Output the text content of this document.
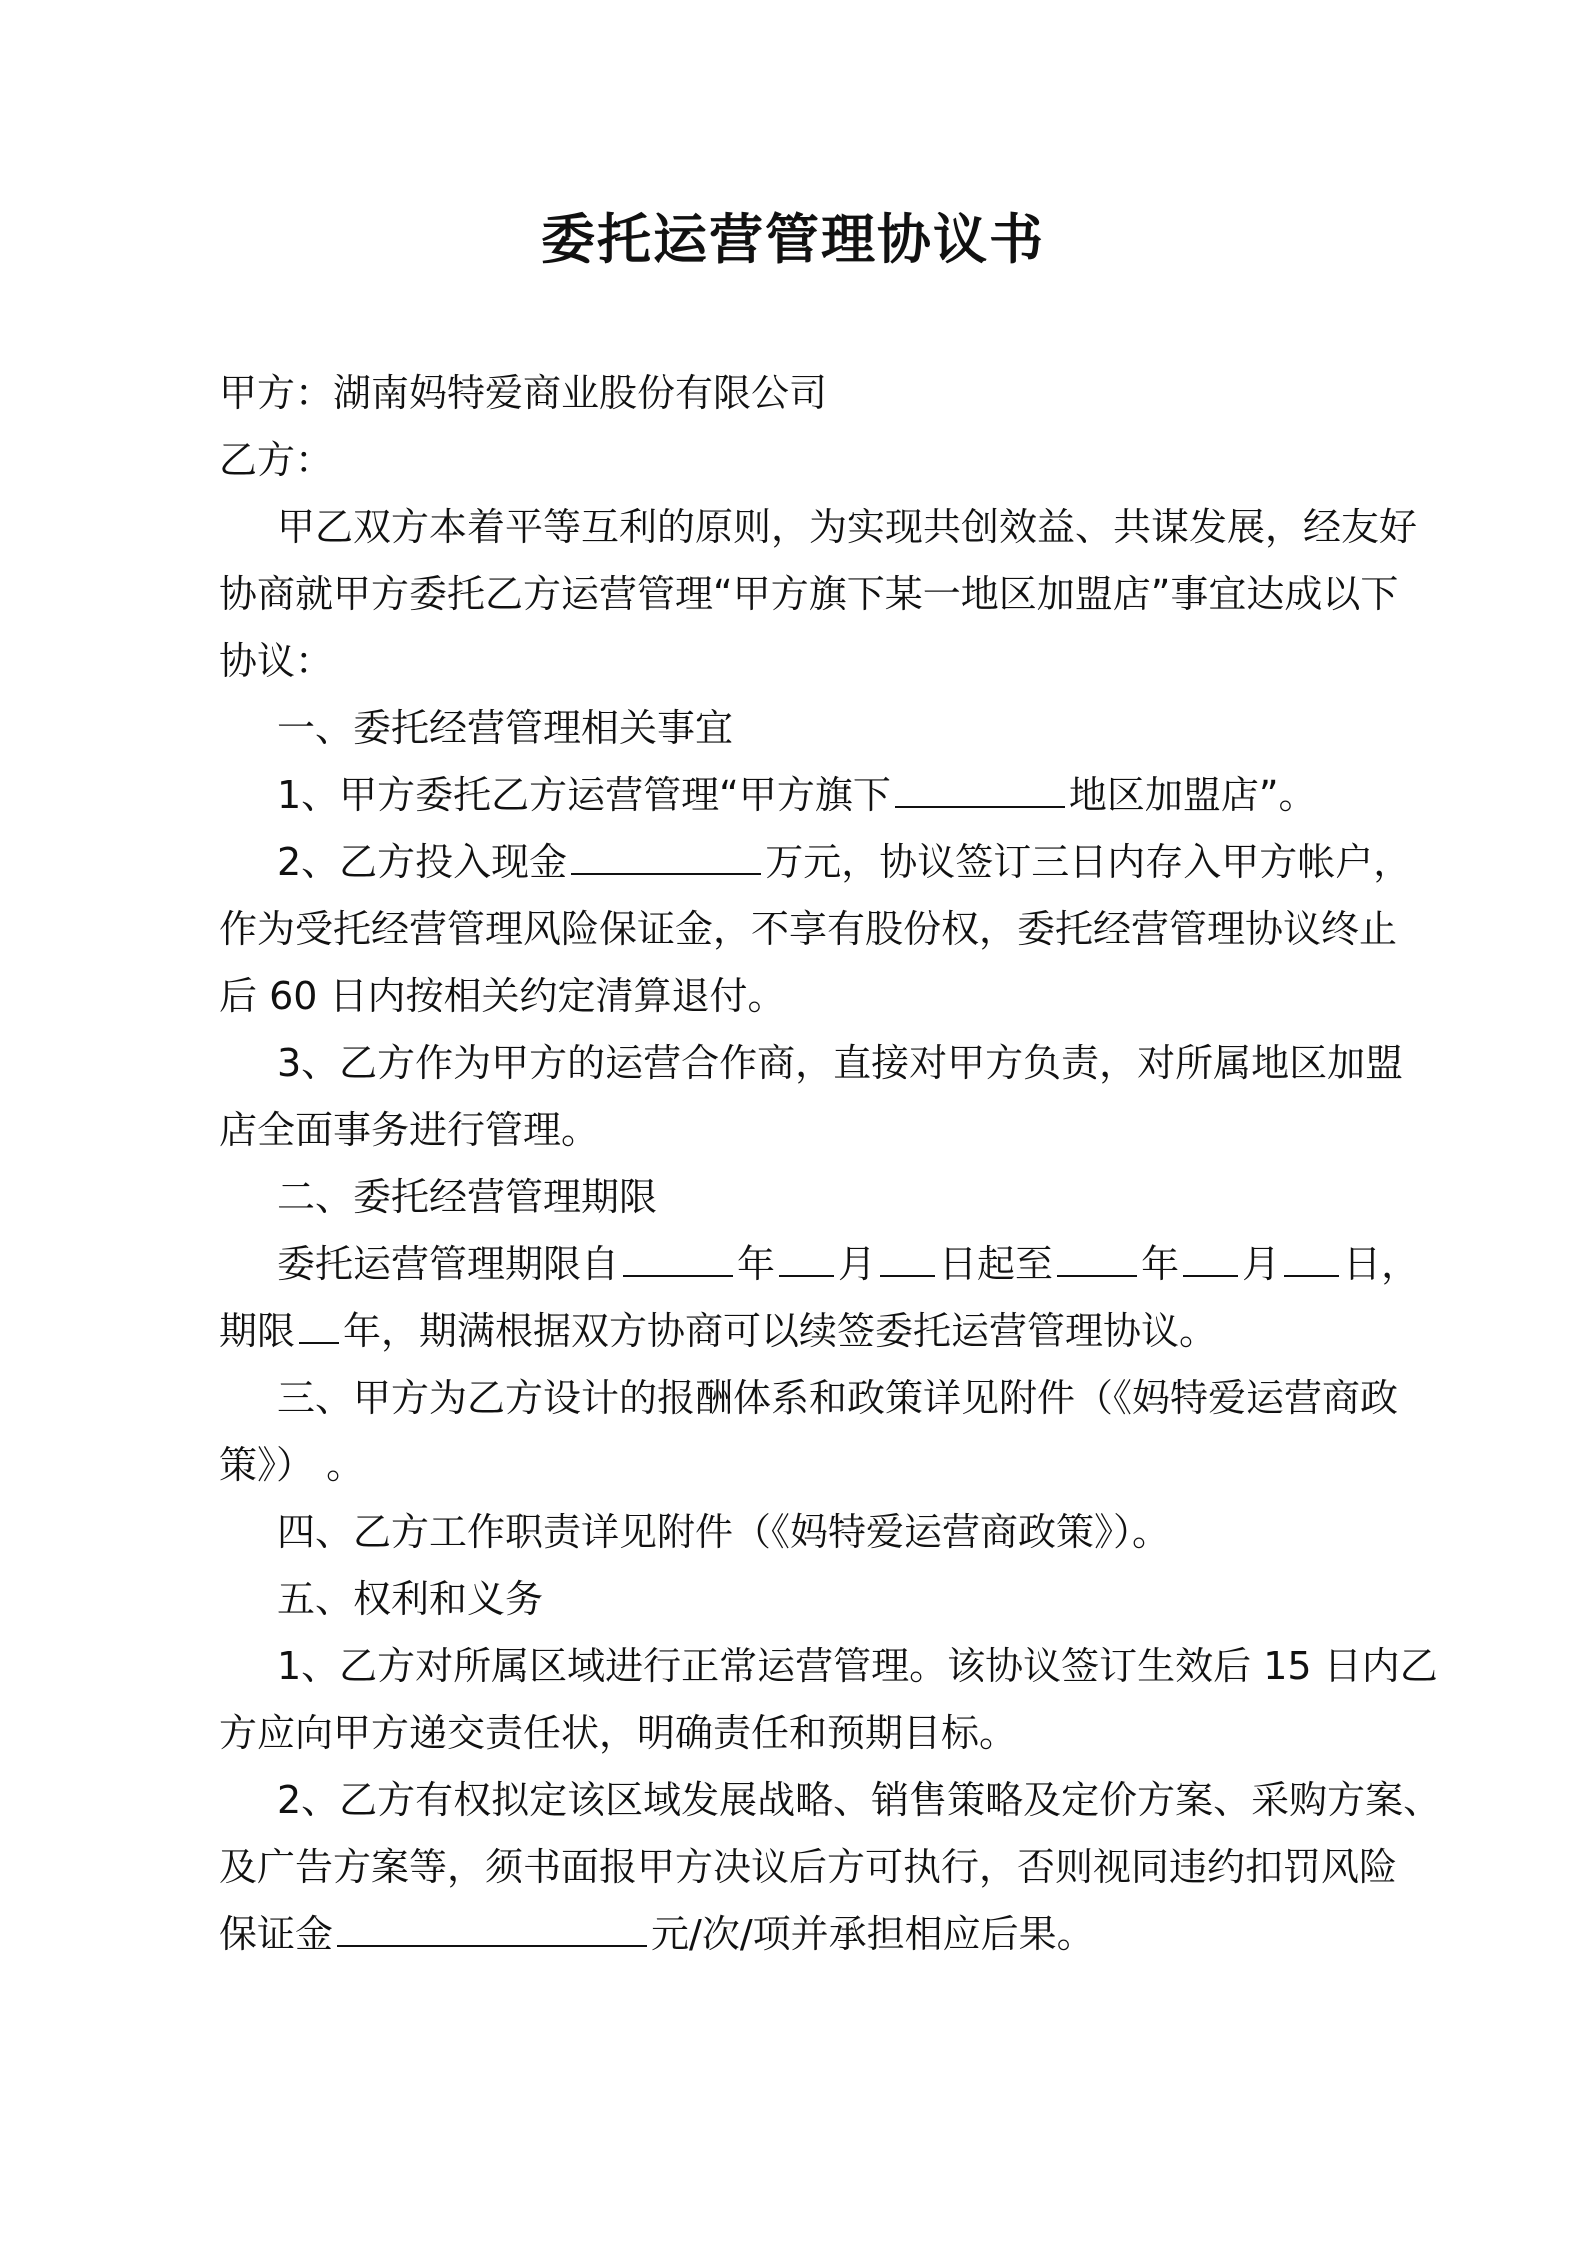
委托运营管理协议书
甲方：湖南妈特爱商业股份有限公司
乙方：
甲乙双方本着平等互利的原则，为实现共创效益、共谋发展，经友好
协商就甲方委托乙方运营管理“甲方旗下某一地区加盟店”事宜达成以下
协议：
一、委托经营管理相关事宜
1、甲方委托乙方运营管理“甲方旗下	地区加盟店”。
2、乙方投入现金	万元，协议签订三日内存入甲方帐户，
作为受托经营管理风险保证金，不享有股份权，委托经营管理协议终止
后 60 日内按相关约定清算退付。
3、乙方作为甲方的运营合作商，直接对甲方负责，对所属地区加盟
店全面事务进行管理。
二、委托经营管理期限
委托运营管理期限自	年 月 日起至 年 月 日，
期限 年，期满根据双方协商可以续签委托运营管理协议。
三、甲方为乙方设计的报酬体系和政策详见附件（《妈特爱运营商政
策》） 。
四、乙方工作职责详见附件（《妈特爱运营商政策》）。
五、权利和义务
1、乙方对所属区域进行正常运营管理。该协议签订生效后 15 日内乙
方应向甲方递交责任状，明确责任和预期目标。
2、乙方有权拟定该区域发展战略、销售策略及定价方案、采购方案、
及广告方案等，须书面报甲方决议后方可执行，否则视同违约扣罚风险
保证金	元/次/项并承担相应后果。
